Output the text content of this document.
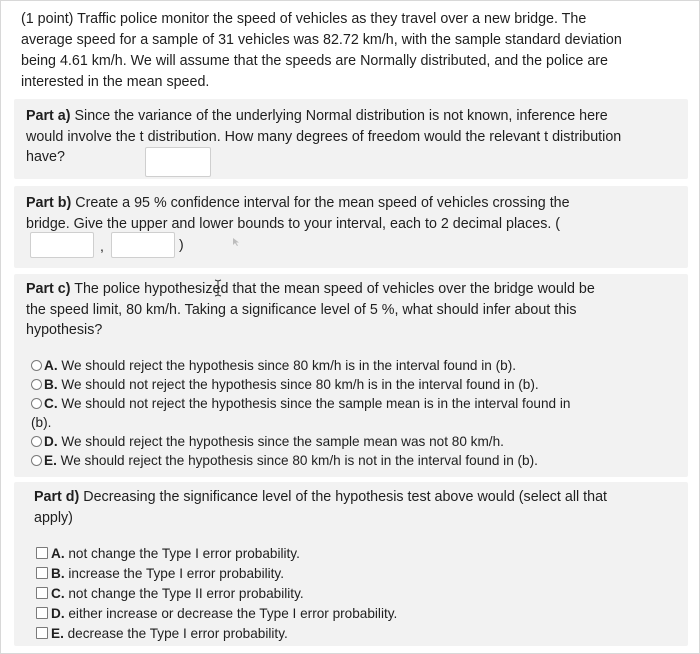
(1 point) Traffic police monitor the speed of vehicles as they travel over a new bridge. The average speed for a sample of 31 vehicles was 82.72 km/h, with the sample standard deviation being 4.61 km/h. We will assume that the speeds are Normally distributed, and the police are interested in the mean speed.
Part a) Since the variance of the underlying Normal distribution is not known, inference here would involve the t distribution. How many degrees of freedom would the relevant t distribution have?
Part b) Create a 95 % confidence interval for the mean speed of vehicles crossing the bridge. Give the upper and lower bounds to your interval, each to 2 decimal places. (
,	)
Part c) The police hypothesized that the mean speed of vehicles over the bridge would be the speed limit, 80 km/h. Taking a significance level of 5 %, what should infer about this hypothesis?
A. We should reject the hypothesis since 80 km/h is in the interval found in (b).
B. We should not reject the hypothesis since 80 km/h is in the interval found in (b).
C. We should not reject the hypothesis since the sample mean is in the interval found in (b).
D. We should reject the hypothesis since the sample mean was not 80 km/h.
E. We should reject the hypothesis since 80 km/h is not in the interval found in (b).
Part d) Decreasing the significance level of the hypothesis test above would (select all that apply)
A. not change the Type I error probability.
B. increase the Type I error probability.
C. not change the Type II error probability.
D. either increase or decrease the Type I error probability.
E. decrease the Type I error probability.
